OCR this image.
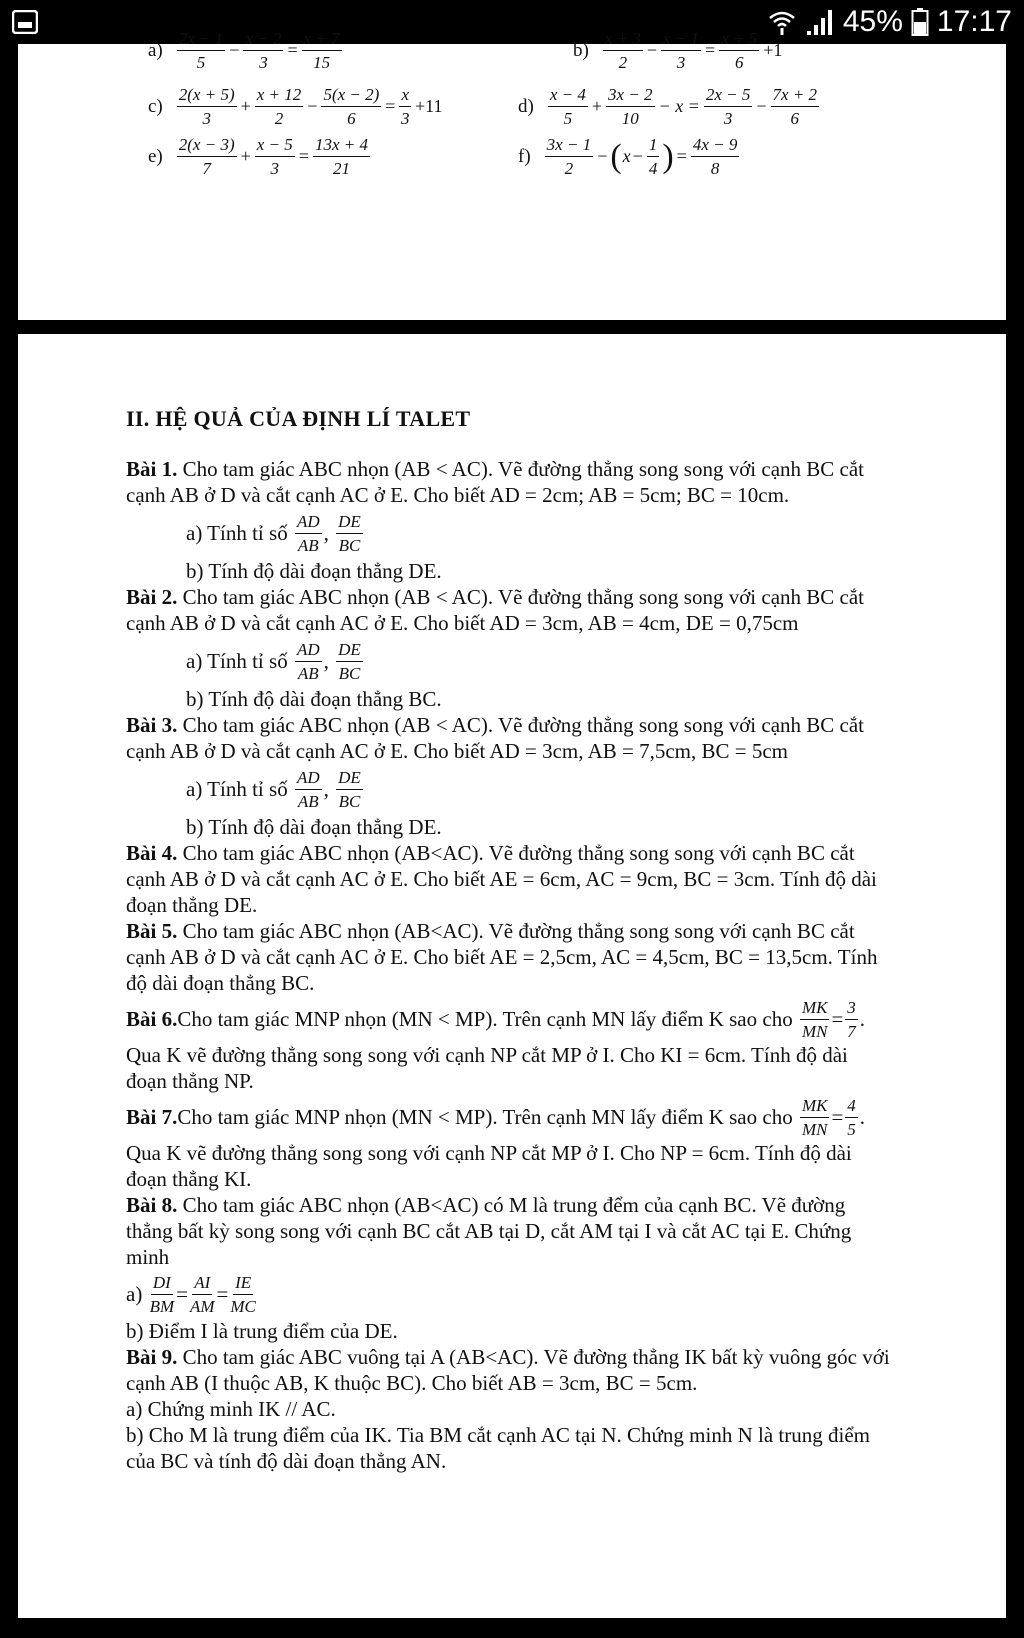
45% 17:17
$a) \frac{2x - 1}{5} - \frac{x - 2}{3} = \frac{x + 7}{15}$	$b) \frac{x + 3}{2} - \frac{x - 1}{3} = \frac{x + 5}{6} +1$
$c) \frac{2(x + 5)}{3} + \frac{x + 12}{2} - \frac{5(x - 2)}{6} = \frac{x}{3} +11$	$d) \frac{x - 4}{5} + \frac{3x - 2}{10} - x = \frac{2x - 5}{3} - \frac{7x + 2}{6}$
$e) \frac{2(x - 3)}{7} + \frac{x - 5}{3} = \frac{13x + 4}{21}$	$f) \frac{3x - 1}{2}$ − ( $x - \frac{1}{4}$ ) = $\frac{4x - 9}{8}$
II. HỆ QUẢ CỦA ĐỊNH LÍ TALET

Bài 1. Cho tam giác ABC nhọn (AB < AC). Vẽ đường thẳng song song với cạnh BC cắt

cạnh AB ở D và cắt cạnh AC ở E. Cho biết AD = 2cm; AB = 5cm; BC = 10cm.

a) Tính tỉ số
$\frac{AD}{AB}$ , $\frac{DE}{BC}$

b) Tính độ dài đoạn thẳng DE.

Bài 2. Cho tam giác ABC nhọn (AB < AC). Vẽ đường thẳng song song với cạnh BC cắt

cạnh AB ở D và cắt cạnh AC ở E. Cho biết AD = 3cm, AB = 4cm, DE = 0,75cm

a) Tính tỉ số
$\frac{AD}{AB}$ , $\frac{DE}{BC}$

b) Tính độ dài đoạn thẳng BC.

Bài 3. Cho tam giác ABC nhọn (AB < AC). Vẽ đường thẳng song song với cạnh BC cắt

cạnh AB ở D và cắt cạnh AC ở E. Cho biết AD = 3cm, AB = 7,5cm, BC = 5cm

a) Tính tỉ số
$\frac{AD}{AB}$ , $\frac{DE}{BC}$

b) Tính độ dài đoạn thẳng DE.

Bài 4. Cho tam giác ABC nhọn (AB<AC). Vẽ đường thẳng song song với cạnh BC cắt

cạnh AB ở D và cắt cạnh AC ở E. Cho biết AE = 6cm, AC = 9cm, BC = 3cm. Tính độ dài

đoạn thẳng DE.

Bài 5. Cho tam giác ABC nhọn (AB<AC). Vẽ đường thẳng song song với cạnh BC cắt

cạnh AB ở D và cắt cạnh AC ở E. Cho biết AE = 2,5cm, AC = 4,5cm, BC = 13,5cm. Tính

độ dài đoạn thẳng BC.

Bài 6. Cho tam giác MNP nhọn (MN < MP). Trên cạnh MN lấy điểm K sao cho
$\frac{MK}{MN} = \frac{3}{7}$ .

Qua K vẽ đường thẳng song song với cạnh NP cắt MP ở I. Cho KI = 6cm. Tính độ dài

đoạn thẳng NP.

Bài 7. Cho tam giác MNP nhọn (MN < MP). Trên cạnh MN lấy điểm K sao cho
$\frac{MK}{MN} = \frac{4}{5}$ .

Qua K vẽ đường thẳng song song với cạnh NP cắt MP ở I. Cho NP = 6cm. Tính độ dài

đoạn thẳng KI.

Bài 8. Cho tam giác ABC nhọn (AB<AC) có M là trung đểm của cạnh BC. Vẽ đường

thẳng bất kỳ song song với cạnh BC cắt AB tại D, cắt AM tại I và cắt AC tại E. Chứng

minh

a)
$\frac{DI}{BM} = \frac{AI}{AM} = \frac{IE}{MC}$

b) Điểm I là trung điểm của DE.

Bài 9. Cho tam giác ABC vuông tại A (AB<AC). Vẽ đường thẳng IK bất kỳ vuông góc với

cạnh AB (I thuộc AB, K thuộc BC). Cho biết AB = 3cm, BC = 5cm.

a) Chứng minh IK // AC.

b) Cho M là trung điểm của IK. Tia BM cắt cạnh AC tại N. Chứng minh N là trung điểm

của BC và tính độ dài đoạn thẳng AN.
